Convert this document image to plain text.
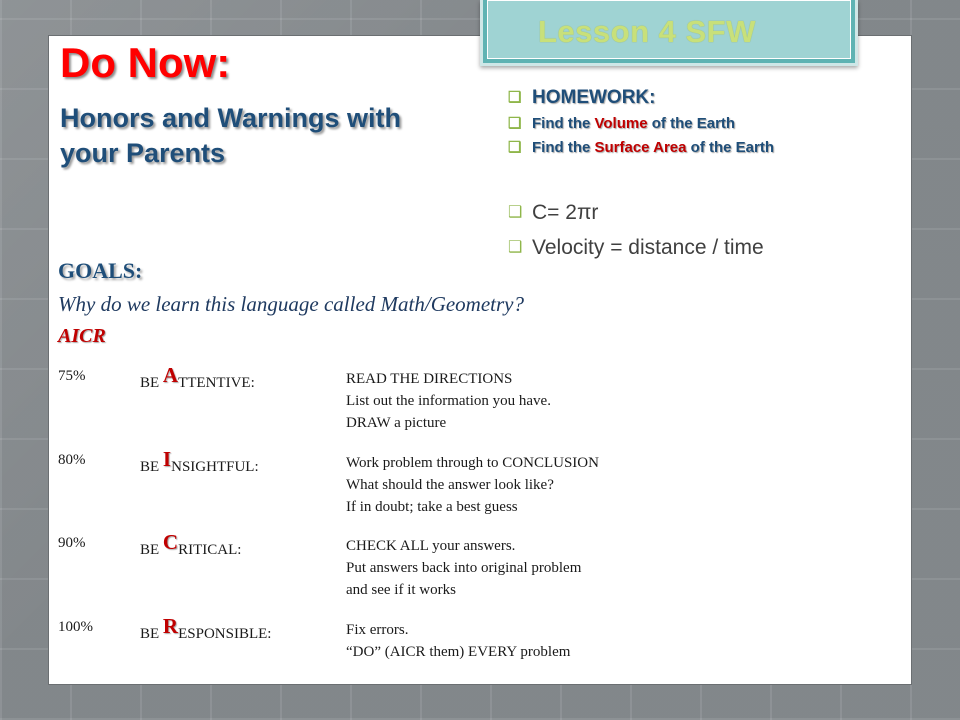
Lesson 4 SFW
Do Now:
Honors and Warnings with your Parents
❑ HOMEWORK:
❑ Find the Volume of the Earth
❑ Find the Surface Area of the Earth
❑ C= 2πr
❑ Velocity = distance / time
GOALS:
Why do we learn this language called Math/Geometry?
AICR
75%	BE ATTENTIVE:	READ THE DIRECTIONS
List out the information you have.
DRAW a picture
80%	BE INSIGHTFUL:	Work problem through to CONCLUSION
What should the answer look like?
If in doubt; take a best guess
90%	BE CRITICAL:	CHECK ALL your answers.
Put answers back into original problem
and see if it works
100%	BE RESPONSIBLE:	Fix errors.
“DO” (AICR them) EVERY problem
